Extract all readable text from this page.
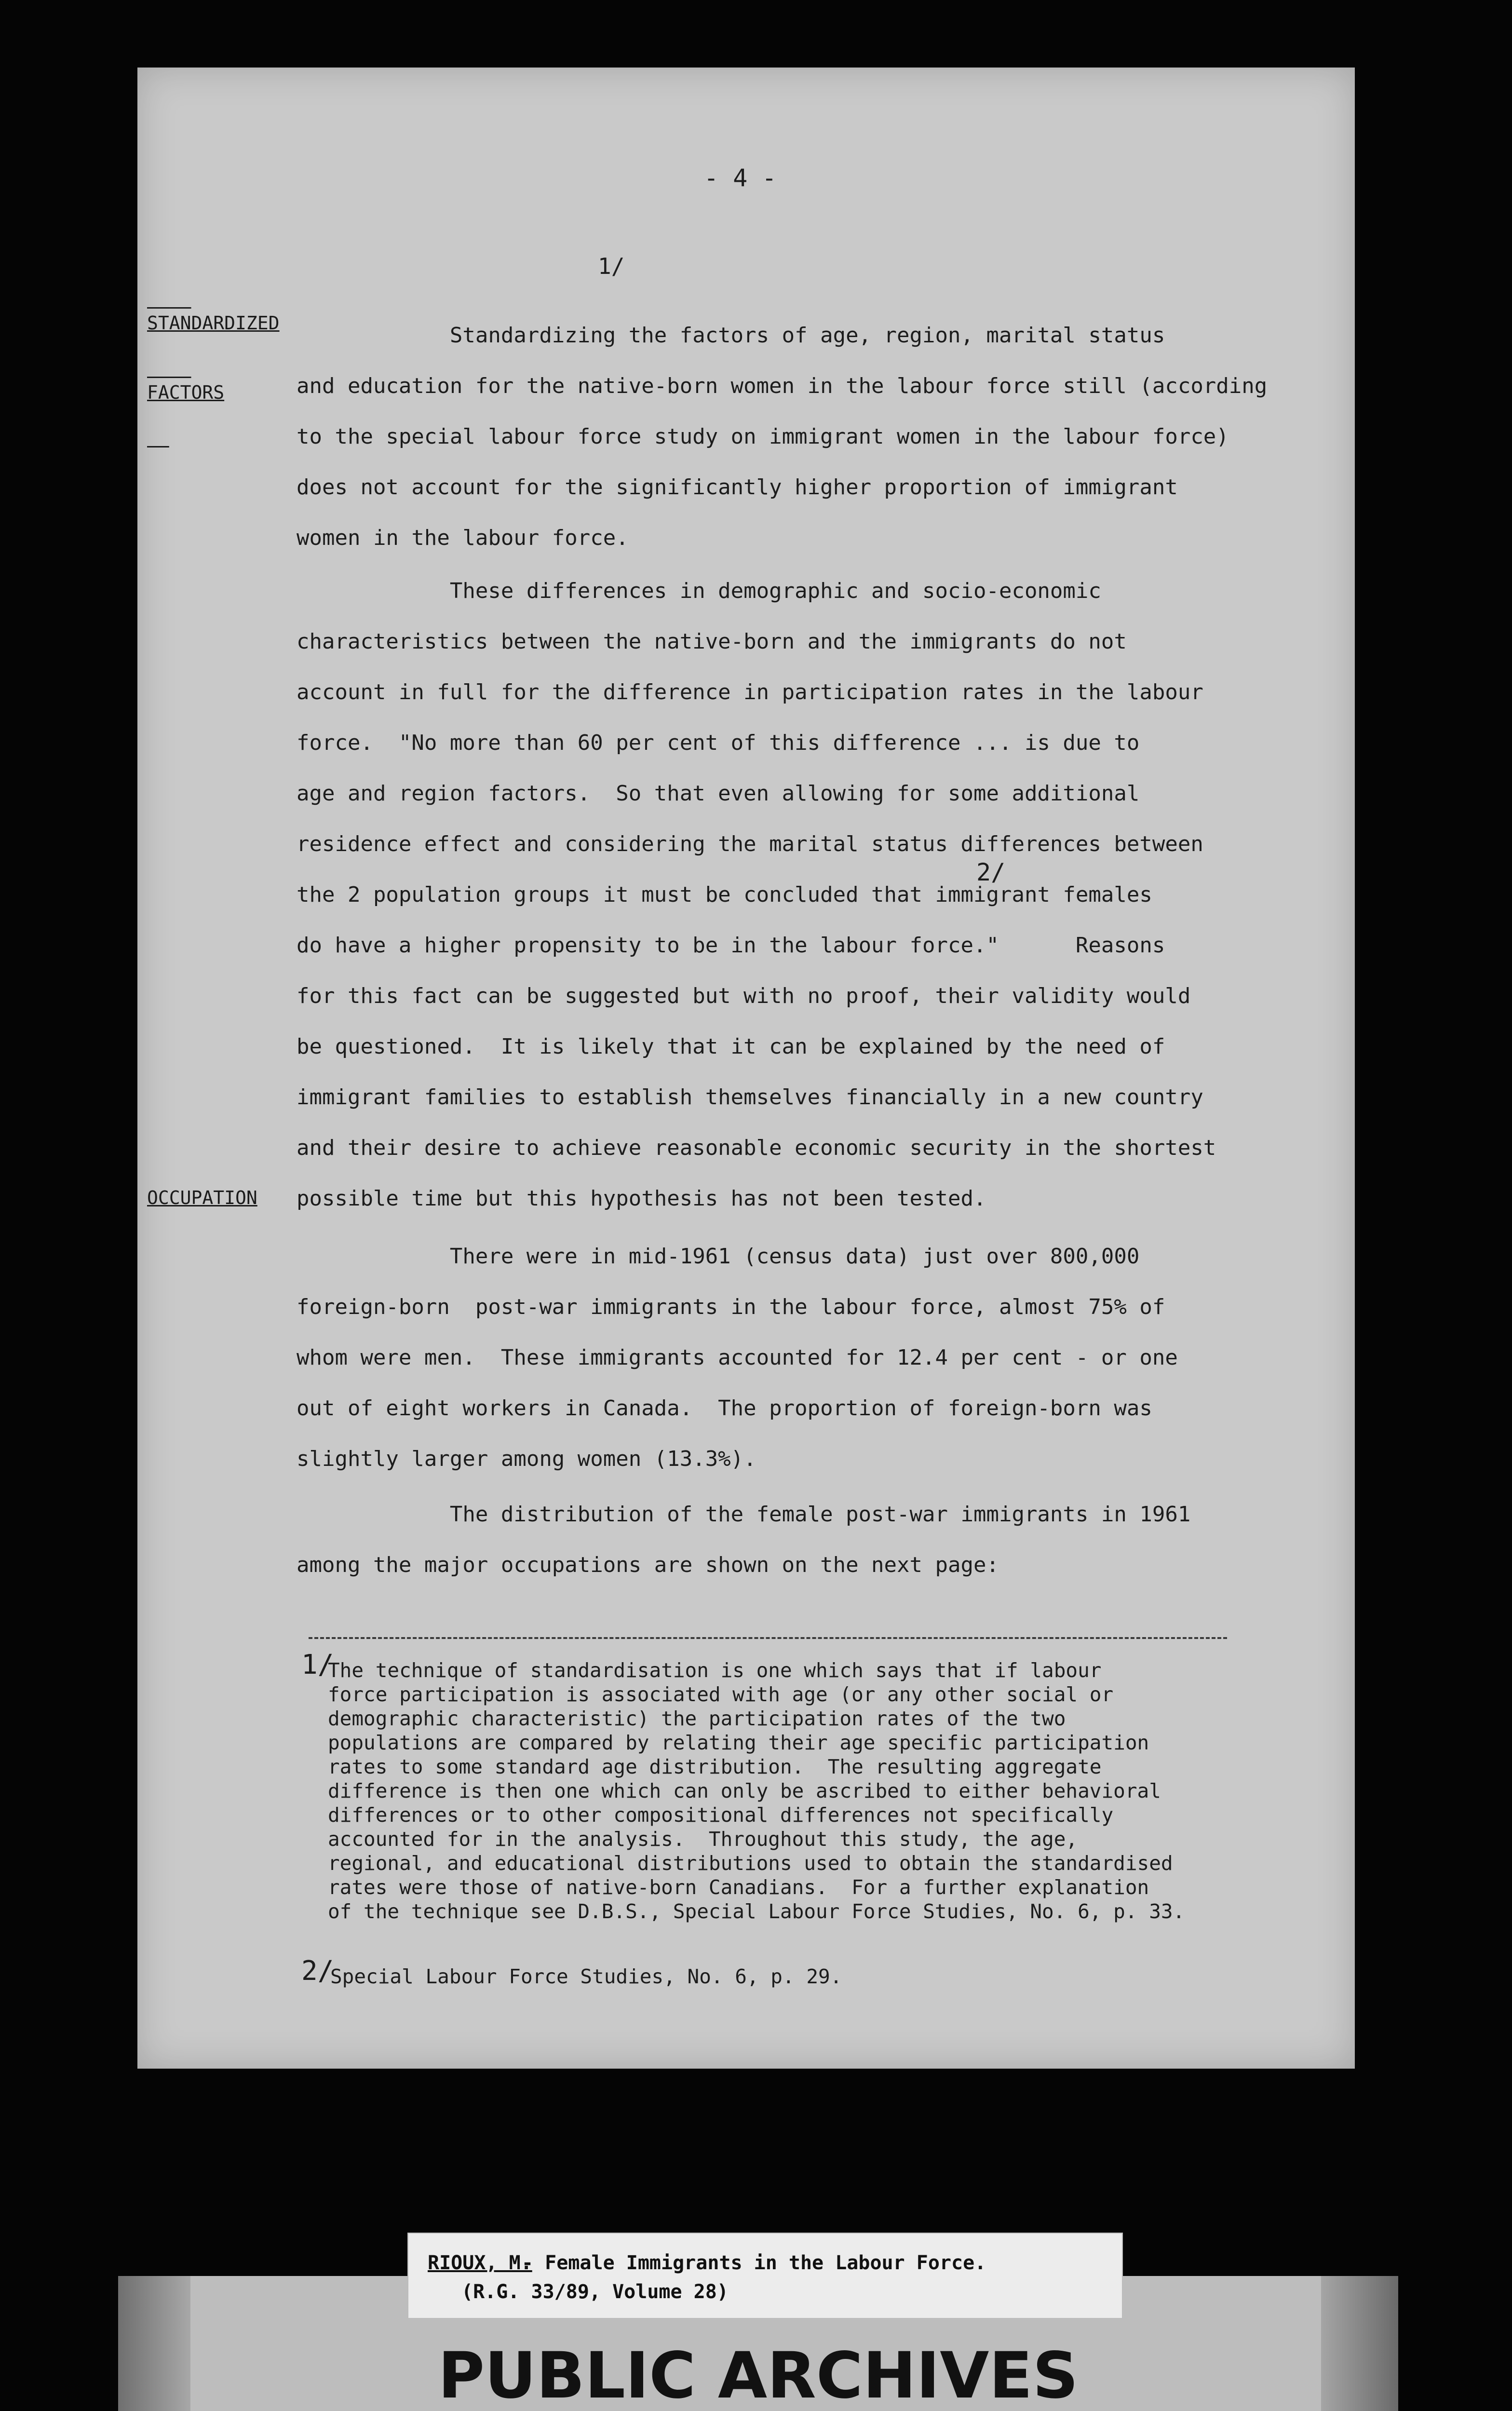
- 4 -

STANDARDIZED

FACTORS

OCCUPATION
Standardizing the factors of age, region, marital status
and education for the native-born women in the labour force still (according
to the special labour force study on immigrant women in the labour force)
does not account for the significantly higher proportion of immigrant
women in the labour force.
These differences in demographic and socio-economic
characteristics between the native-born and the immigrants do not
account in full for the difference in participation rates in the labour
force.  "No more than 60 per cent of this difference ... is due to
age and region factors.  So that even allowing for some additional
residence effect and considering the marital status differences between
the 2 population groups it must be concluded that immigrant females
do have a higher propensity to be in the labour force."      Reasons
for this fact can be suggested but with no proof, their validity would
be questioned.  It is likely that it can be explained by the need of
immigrant families to establish themselves financially in a new country
and their desire to achieve reasonable economic security in the shortest
possible time but this hypothesis has not been tested.
There were in mid-1961 (census data) just over 800,000
foreign-born  post-war immigrants in the labour force, almost 75% of
whom were men.  These immigrants accounted for 12.4 per cent - or one
out of eight workers in Canada.  The proportion of foreign-born was
slightly larger among women (13.3%).
The distribution of the female post-war immigrants in 1961
among the major occupations are shown on the next page:
1/
2/
1/
The technique of standardisation is one which says that if labour
force participation is associated with age (or any other social or
demographic characteristic) the participation rates of the two
populations are compared by relating their age specific participation
rates to some standard age distribution.  The resulting aggregate
difference is then one which can only be ascribed to either behavioral
differences or to other compositional differences not specifically
accounted for in the analysis.  Throughout this study, the age,
regional, and educational distributions used to obtain the standardised
rates were those of native-born Canadians.  For a further explanation
of the technique see D.B.S., Special Labour Force Studies, No. 6, p. 33.
2/
Special Labour Force Studies, No. 6, p. 29.
PUBLIC ARCHIVES
RIOUX, M.
- Female Immigrants in the Labour Force.
(R.G. 33/89, Volume 28)
